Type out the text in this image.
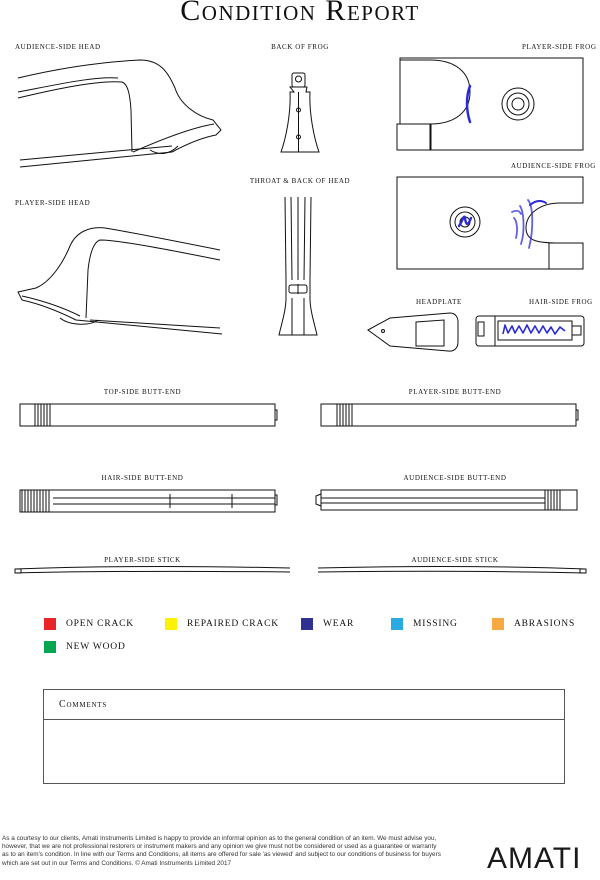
Condition Report
AUDIENCE-SIDE HEAD	BACK OF FROG	PLAYER-SIDE FROG
AUDIENCE-SIDE FROG
PLAYER-SIDE HEAD
THROAT & BACK OF HEAD
HEADPLATE	HAIR-SIDE FROG
TOP-SIDE BUTT-END	PLAYER-SIDE BUTT-END
HAIR-SIDE BUTT-END	AUDIENCE-SIDE BUTT-END
PLAYER-SIDE STICK	AUDIENCE-SIDE STICK
OPEN CRACK	REPAIRED CRACK	WEAR	MISSING	ABRASIONS
NEW WOOD
Comments

As a courtesy to our clients, Amati Instruments Limited is happy to provide an informal opinion as to the general condition of an item. We must advise you, however, that we are not professional restorers or instrument makers and any opinion we give must not be considered or used as a guarantee or warranty as to an item's condition. In line with our Terms and Conditions, all items are offered for sale 'as viewed' and subject to our conditions of business for buyers which are set out in our Terms and Conditions. © Amati Instruments Limited 2017	AMATI
